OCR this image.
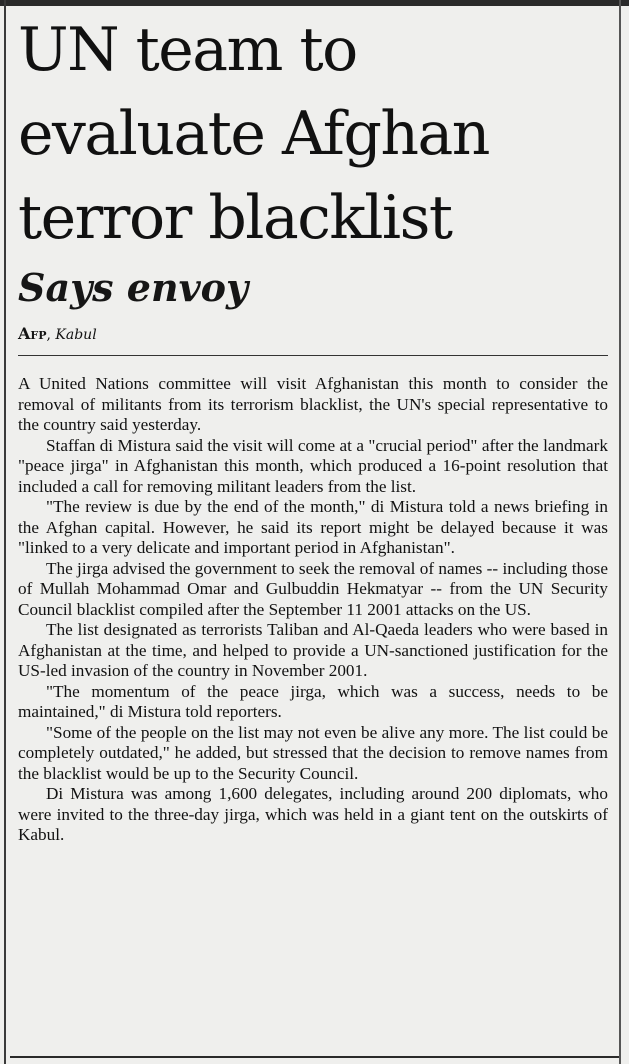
UN team to evaluate Afghan terror blacklist
Says envoy
Afp, Kabul

A United Nations committee will visit Afghanistan this month to consider the removal of militants from its terrorism blacklist, the UN's special representative to the country said yesterday.

Staffan di Mistura said the visit will come at a "crucial period" after the landmark "peace jirga" in Afghanistan this month, which produced a 16-point resolution that included a call for removing militant leaders from the list.

"The review is due by the end of the month," di Mistura told a news briefing in the Afghan capital. However, he said its report might be delayed because it was "linked to a very delicate and important period in Afghanistan".

The jirga advised the government to seek the removal of names -- including those of Mullah Mohammad Omar and Gulbuddin Hekmatyar -- from the UN Security Council blacklist compiled after the September 11 2001 attacks on the US.

The list designated as terrorists Taliban and Al-Qaeda leaders who were based in Afghanistan at the time, and helped to provide a UN-sanctioned justification for the US-led invasion of the country in November 2001.

"The momentum of the peace jirga, which was a success, needs to be maintained," di Mistura told reporters.

"Some of the people on the list may not even be alive any more. The list could be completely outdated," he added, but stressed that the decision to remove names from the blacklist would be up to the Security Council.

Di Mistura was among 1,600 delegates, including around 200 diplomats, who were invited to the three-day jirga, which was held in a giant tent on the outskirts of Kabul.
